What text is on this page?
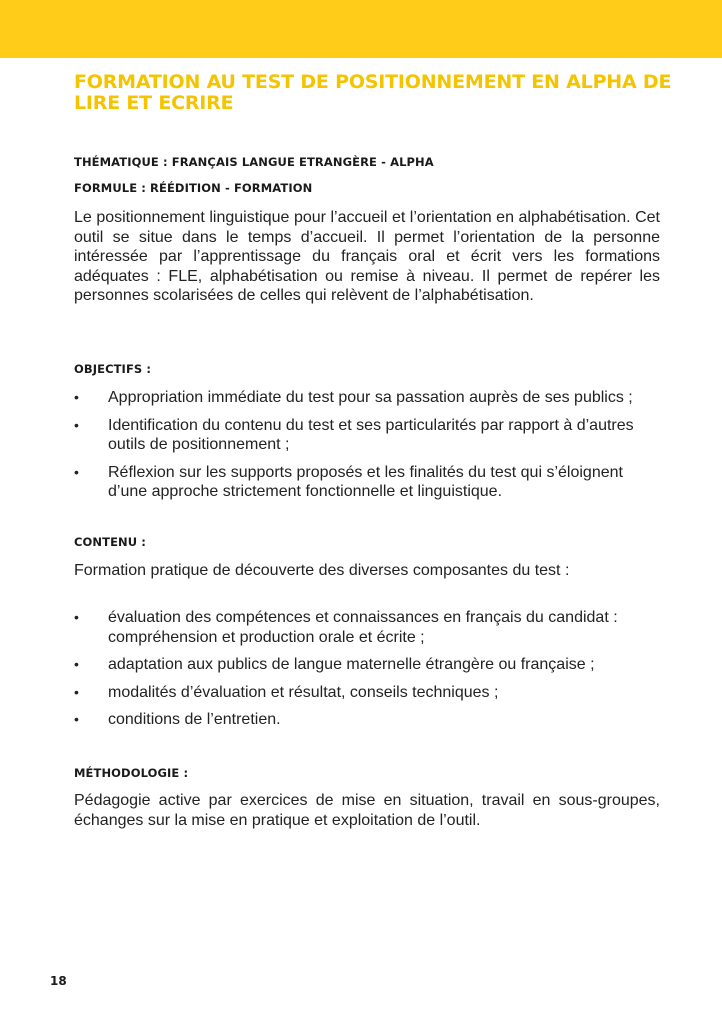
FORMATION AU TEST DE POSITIONNEMENT EN ALPHA DE LIRE ET ECRIRE

THÉMATIQUE : FRANÇAIS LANGUE ETRANGÈRE - ALPHA

FORMULE : RÉÉDITION - FORMATION

Le positionnement linguistique pour l’accueil et l’orientation en alphabétisation. Cet outil se situe dans le temps d’accueil. Il permet l’orientation de la personne intéressée par l’apprentissage du français oral et écrit vers les formations adéquates : FLE, alphabétisation ou remise à niveau. Il permet de repérer les personnes scolarisées de celles qui relèvent de l’alphabétisation.

OBJECTIFS :

•	Appropriation immédiate du test pour sa passation auprès de ses publics ;
•	Identification du contenu du test et ses particularités par rapport à d’autres outils de positionnement ;
•	Réflexion sur les supports proposés et les finalités du test qui s’éloignent d’une approche strictement fonctionnelle et linguistique.

CONTENU :

Formation pratique de découverte des diverses composantes du test :

•	évaluation des compétences et connaissances en français du candidat : compréhension et production orale et écrite ;
•	adaptation aux publics de langue maternelle étrangère ou française ;
•	modalités d’évaluation et résultat, conseils techniques ;
•	conditions de l’entretien.

MÉTHODOLOGIE :

Pédagogie active par exercices de mise en situation, travail en sous-groupes, échanges sur la mise en pratique et exploitation de l’outil.

18
